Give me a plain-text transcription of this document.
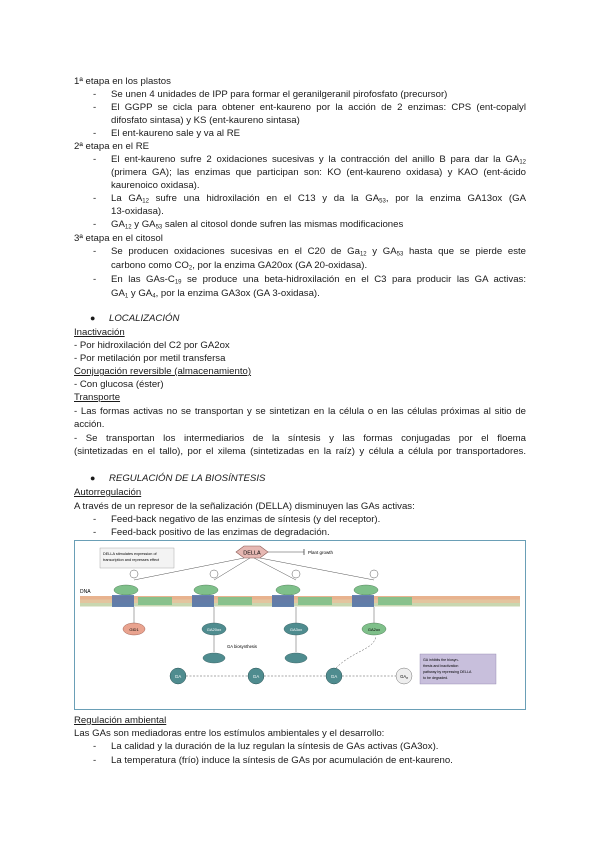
1ª etapa en los plastos
- Se unen 4 unidades de IPP para formar el geranilgeranil pirofosfato (precursor)
- El GGPP se cicla para obtener ent-kaureno por la acción de 2 enzimas: CPS (ent-copalyl
difosfato sintasa) y KS (ent-kaureno sintasa)
- El ent-kaureno sale y va al RE
2ª etapa en el RE
- El ent-kaureno sufre 2 oxidaciones sucesivas y la contracción del anillo B para dar la $GA_{12}$
(primera GA); las enzimas que participan son: KO (ent-kaureno oxidasa) y KAO (ent-ácido
kaurenoico oxidasa).
- La $GA_{12}$ sufre una hidroxilación en el C13 y da la $GA_{53}$, por la enzima GA13ox (GA
13-oxidasa).
- $GA_{12}$ y $GA_{53}$ salen al citosol donde sufren las mismas modificaciones
3ª etapa en el citosol
- Se producen oxidaciones sucesivas en el C20 de $Ga_{12}$ y $GA_{53}$ hasta que se pierde este
carbono como $CO_2$, por la enzima GA20ox (GA 20-oxidasa).
- En las GAs-$C_{19}$ se produce una beta-hidroxilación en el C3 para producir las GA activas:
$GA_1$ y $GA_4$, por la enzima GA3ox (GA 3-oxidasa).
● LOCALIZACIÓN
Inactivación
- Por hidroxilación del C2 por GA2ox
- Por metilación por metil transfersa
Conjugación reversible (almacenamiento)
- Con glucosa (éster)
Transporte
- Las formas activas no se transportan y se sintetizan en la célula o en las células próximas al sitio de
acción.
- Se transportan los intermediarios de la síntesis y las formas conjugadas por el floema
(sintetizadas en el tallo), por el xilema (sintetizadas en la raíz) y célula a célula por transportadores.
● REGULACIÓN DE LA BIOSÍNTESIS
Autorregulación
A través de un represor de la señalización (DELLA) disminuyen las GAs activas:
- Feed-back negativo de las enzimas de síntesis (y del receptor).
- Feed-back positivo de las enzimas de degradación.
DELLA	Plant growth
DELLA stimulates expression of
transcription and represses effect
DNA
GID1	GA20ox	GA3ox	GA2ox
GA biosynthesis
GA	GA	GA	$GA_8$
GA inhibits the biosyn-
thesis and inactivation
pathway by repressing DELLA
to be degraded.
Regulación ambiental
Las GAs son mediadoras entre los estímulos ambientales y el desarrollo:
- La calidad y la duración de la luz regulan la síntesis de GAs activas (GA3ox).
- La temperatura (frío) induce la síntesis de GAs por acumulación de ent-kaureno.
